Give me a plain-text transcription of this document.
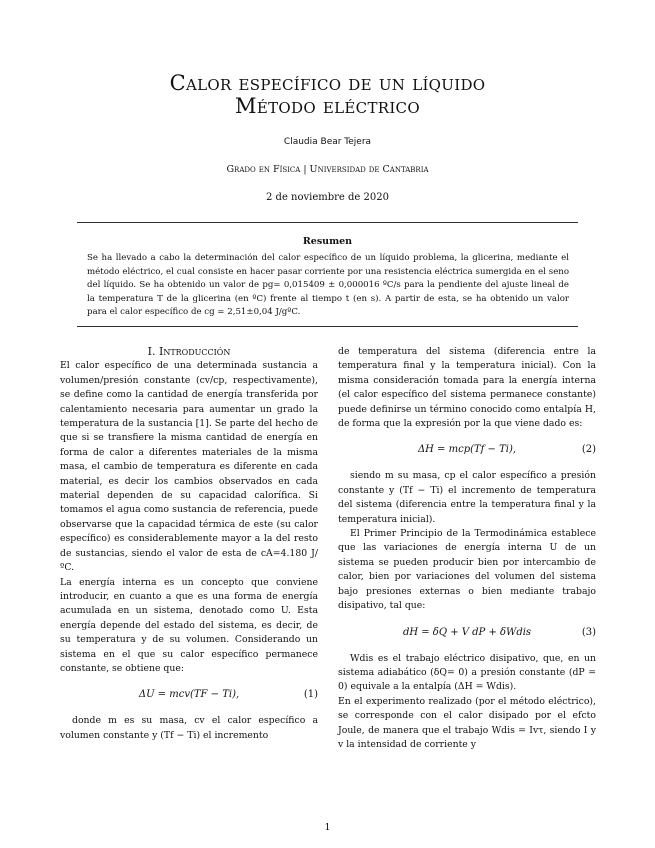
Calor específico de un líquido
Método eléctrico
Claudia Bear Tejera
Grado en Física | Universidad de Cantabria
2 de noviembre de 2020
Resumen
Se ha llevado a cabo la determinación del calor específico de un líquido problema, la glicerina, mediante el método eléctrico, el cual consiste en hacer pasar corriente por una resistencia eléctrica sumergida en el seno del líquido. Se ha obtenido un valor de pg= 0,015409 ± 0,000016 ºC/s para la pendiente del ajuste lineal de la temperatura T de la glicerina (en ºC) frente al tiempo t (en s). A partir de esta, se ha obtenido un valor para el calor específico de cg = 2,51±0,04 J/gºC.

I. Introducción

El calor específico de una determinada sustancia a volumen/presión constante (cv/cp, respectivamente), se define como la cantidad de energía transferida por calentamiento necesaria para aumentar un grado la temperatura de la sustancia [1]. Se parte del hecho de que si se transfiere la misma cantidad de energía en forma de calor a diferentes materiales de la misma masa, el cambio de temperatura es diferente en cada material, es decir los cambios observados en cada material dependen de su capacidad calorífica. Si tomamos el agua como sustancia de referencia, puede observarse que la capacidad térmica de este (su calor específico) es considerablemente mayor a la del resto de sustancias, siendo el valor de esta de cA=4.180 J/ºC.

La energía interna es un concepto que conviene introducir, en cuanto a que es una forma de energía acumulada en un sistema, denotado como U. Esta energía depende del estado del sistema, es decir, de su temperatura y de su volumen. Considerando un sistema en el que su calor específico permanece constante, se obtiene que:

ΔU = mcv(TF − Ti),	(1)

donde m es su masa, cv el calor específico a volumen constante y (Tf − Ti) el incremento

de temperatura del sistema (diferencia entre la temperatura final y la temperatura inicial). Con la misma consideración tomada para la energía interna (el calor específico del sistema permanece constante) puede definirse un término conocido como entalpía H, de forma que la expresión por la que viene dado es:

ΔH = mcp(Tf − Ti),	(2)

siendo m su masa, cp el calor específico a presión constante y (Tf − Ti) el incremento de temperatura del sistema (diferencia entre la temperatura final y la temperatura inicial).

El Primer Principio de la Termodinámica establece que las variaciones de energía interna U de un sistema se pueden producir bien por intercambio de calor, bien por variaciones del volumen del sistema bajo presiones externas o bien mediante trabajo disipativo, tal que:

dH = δQ + V dP + δWdis	(3)

Wdis es el trabajo eléctrico disipativo, que, en un sistema adiabático (δQ= 0) a presión constante (dP = 0) equivale a la entalpía (ΔH = Wdis).

En el experimento realizado (por el método eléctrico), se corresponde con el calor disipado por el efcto Joule, de manera que el trabajo Wdis = Ivτ, siendo I y v la intensidad de corriente y

1
